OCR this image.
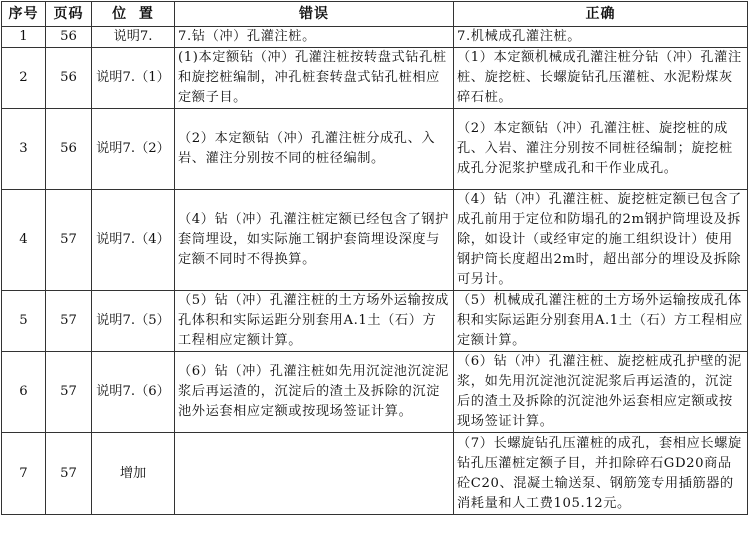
序号	页码	位  置	错误	正确
1	56	说明7.	7.钻（冲）孔灌注桩。	7.机械成孔灌注桩。
2	56	说明7.（1）	(1)本定额钻（冲）孔灌注桩按转盘式钻孔桩和旋挖桩编制，冲孔桩套转盘式钻孔桩相应定额子目。	（1）本定额机械成孔灌注桩分钻（冲）孔灌注桩、旋挖桩、长螺旋钻孔压灌桩、水泥粉煤灰碎石桩。
3	56	说明7.（2）	（2）本定额钻（冲）孔灌注桩分成孔、入岩、灌注分别按不同的桩径编制。	（2）本定额钻（冲）孔灌注桩、旋挖桩的成孔、入岩、灌注分别按不同桩径编制；旋挖桩成孔分泥浆护壁成孔和干作业成孔。
4	57	说明7.（4）	（4）钻（冲）孔灌注桩定额已经包含了钢护套筒埋设，如实际施工钢护套筒埋设深度与定额不同时不得换算。	（4）钻（冲）孔灌注桩、旋挖桩定额已包含了成孔前用于定位和防塌孔的2m钢护筒埋设及拆除，如设计（或经审定的施工组织设计）使用钢护筒长度超出2m时，超出部分的埋设及拆除可另计。
5	57	说明7.（5）	（5）钻（冲）孔灌注桩的土方场外运输按成孔体积和实际运距分别套用A.1土（石）方工程相应定额计算。	（5）机械成孔灌注桩的土方场外运输按成孔体积和实际运距分别套用A.1土（石）方工程相应定额计算。
6	57	说明7.（6）	（6）钻（冲）孔灌注桩如先用沉淀池沉淀泥浆后再运渣的，沉淀后的渣土及拆除的沉淀池外运套相应定额或按现场签证计算。	（6）钻（冲）孔灌注桩、旋挖桩成孔护壁的泥浆，如先用沉淀池沉淀泥浆后再运渣的，沉淀后的渣土及拆除的沉淀池外运套相应定额或按现场签证计算。
7	57	增加		（7）长螺旋钻孔压灌桩的成孔，套相应长螺旋钻孔压灌桩定额子目，并扣除碎石GD20商品砼C20、混凝土输送泵、钢筋笼专用插筋器的消耗量和人工费105.12元。
